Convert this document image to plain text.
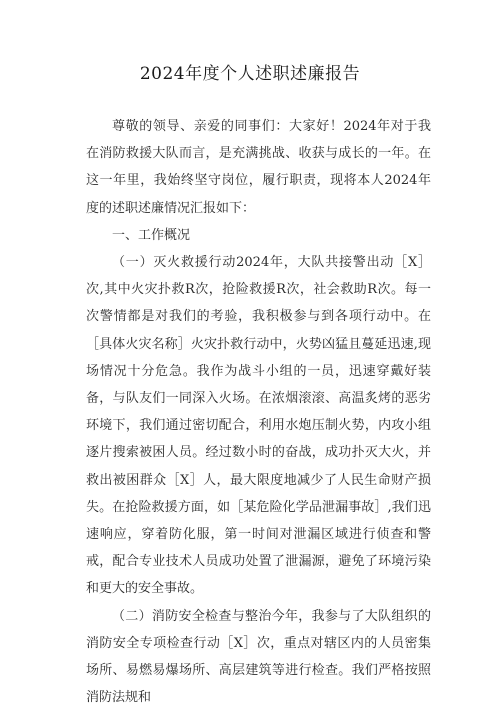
2024年度个人述职述廉报告

尊敬的领导、亲爱的同事们：大家好！2024年对于我在消防救援大队而言，是充满挑战、收获与成长的一年。在这一年里，我始终坚守岗位，履行职责，现将本人2024年度的述职述廉情况汇报如下：

一、工作概况

（一）灭火救援行动2024年，大队共接警出动［X］次,其中火灾扑救R次，抢险救援R次，社会救助R次。每一次警情都是对我们的考验，我积极参与到各项行动中。在［具体火灾名称］火灾扑救行动中，火势凶猛且蔓延迅速,现场情况十分危急。我作为战斗小组的一员，迅速穿戴好装备，与队友们一同深入火场。在浓烟滚滚、高温炙烤的恶劣环境下，我们通过密切配合，利用水炮压制火势，内攻小组逐片搜索被困人员。经过数小时的奋战，成功扑灭大火，并救出被困群众［X］人，最大限度地减少了人民生命财产损失。在抢险救援方面，如［某危险化学品泄漏事故］,我们迅速响应，穿着防化服，第一时间对泄漏区域进行侦查和警戒，配合专业技术人员成功处置了泄漏源，避免了环境污染和更大的安全事故。

（二）消防安全检查与整治今年，我参与了大队组织的消防安全专项检查行动［X］次，重点对辖区内的人员密集场所、易燃易爆场所、高层建筑等进行检查。我们严格按照消防法规和
